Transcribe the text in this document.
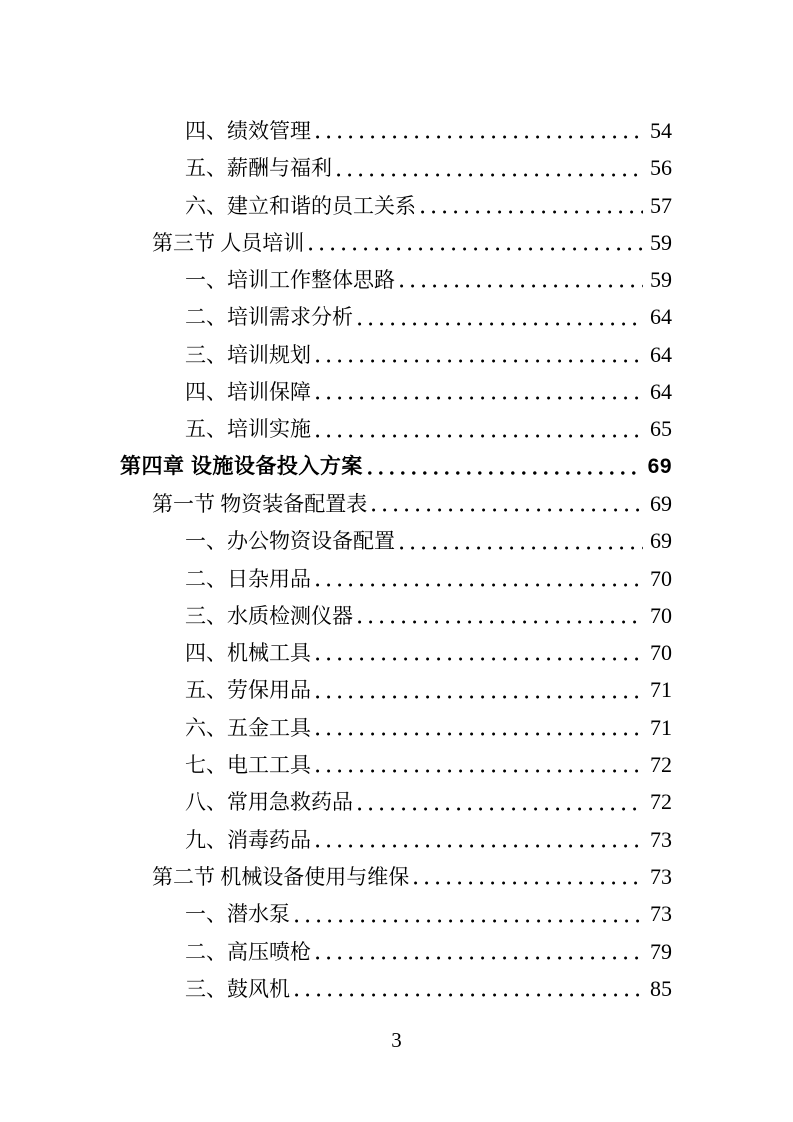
四、绩效管理	54
五、薪酬与福利	56
六、建立和谐的员工关系	57
第三节 人员培训	59
一、培训工作整体思路	59
二、培训需求分析	64
三、培训规划	64
四、培训保障	64
五、培训实施	65
第四章 设施设备投入方案	69
第一节 物资装备配置表	69
一、办公物资设备配置	69
二、日杂用品	70
三、水质检测仪器	70
四、机械工具	70
五、劳保用品	71
六、五金工具	71
七、电工工具	72
八、常用急救药品	72
九、消毒药品	73
第二节 机械设备使用与维保	73
一、潜水泵	73
二、高压喷枪	79
三、鼓风机	85
3
